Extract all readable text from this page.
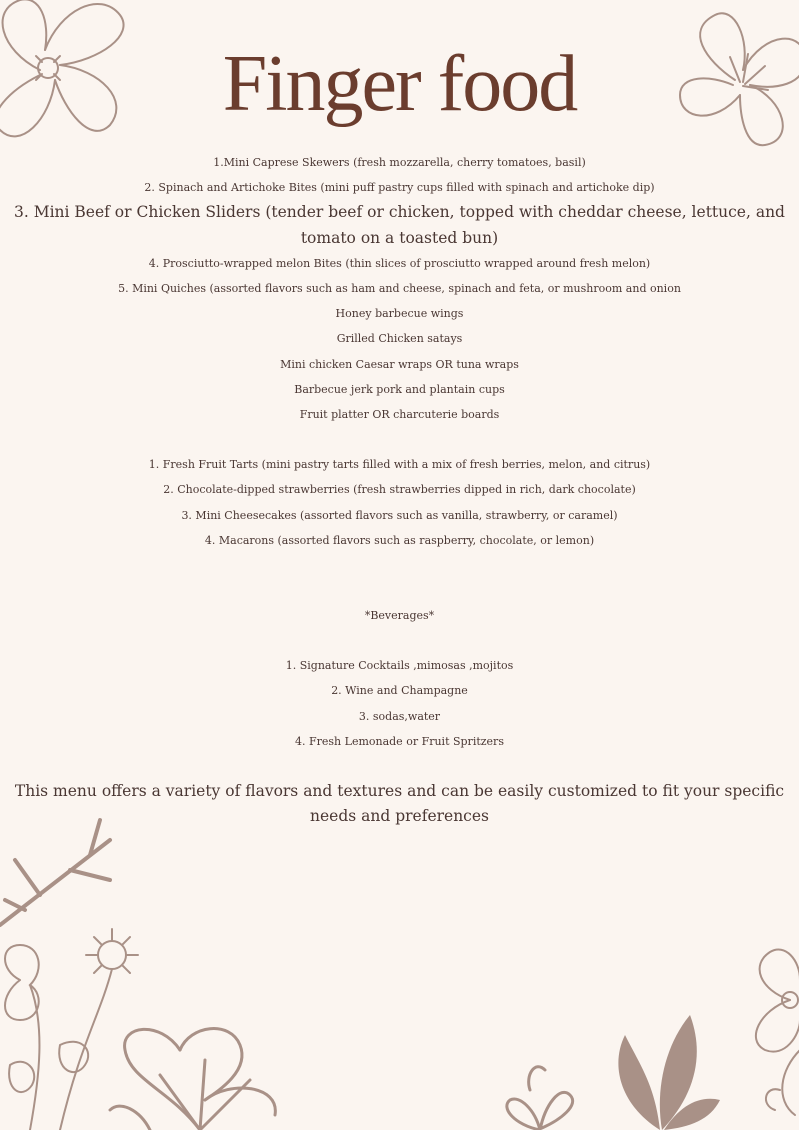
Finger food
1.Mini Caprese Skewers (fresh mozzarella, cherry tomatoes, basil)
2. Spinach and Artichoke Bites (mini puff pastry cups filled with spinach and artichoke dip)
3. Mini Beef or Chicken Sliders (tender beef or chicken, topped with cheddar cheese, lettuce, and tomato on a toasted bun)
4. Prosciutto-wrapped melon Bites (thin slices of prosciutto wrapped around fresh melon)
5. Mini Quiches (assorted flavors such as ham and cheese, spinach and feta, or mushroom and onion
Honey barbecue wings
Grilled Chicken satays
Mini chicken Caesar wraps OR tuna wraps
Barbecue jerk pork and plantain cups
Fruit platter OR charcuterie boards
1. Fresh Fruit Tarts (mini pastry tarts filled with a mix of fresh berries, melon, and citrus)
2. Chocolate-dipped strawberries (fresh strawberries dipped in rich, dark chocolate)
3. Mini Cheesecakes (assorted flavors such as vanilla, strawberry, or caramel)
4. Macarons (assorted flavors such as raspberry, chocolate, or lemon)
*Beverages*
1. Signature Cocktails ,mimosas ,mojitos
2. Wine and Champagne
3. sodas,water
4. Fresh Lemonade or Fruit Spritzers
This menu offers a variety of flavors and textures and can be easily customized to fit your specific needs and preferences
